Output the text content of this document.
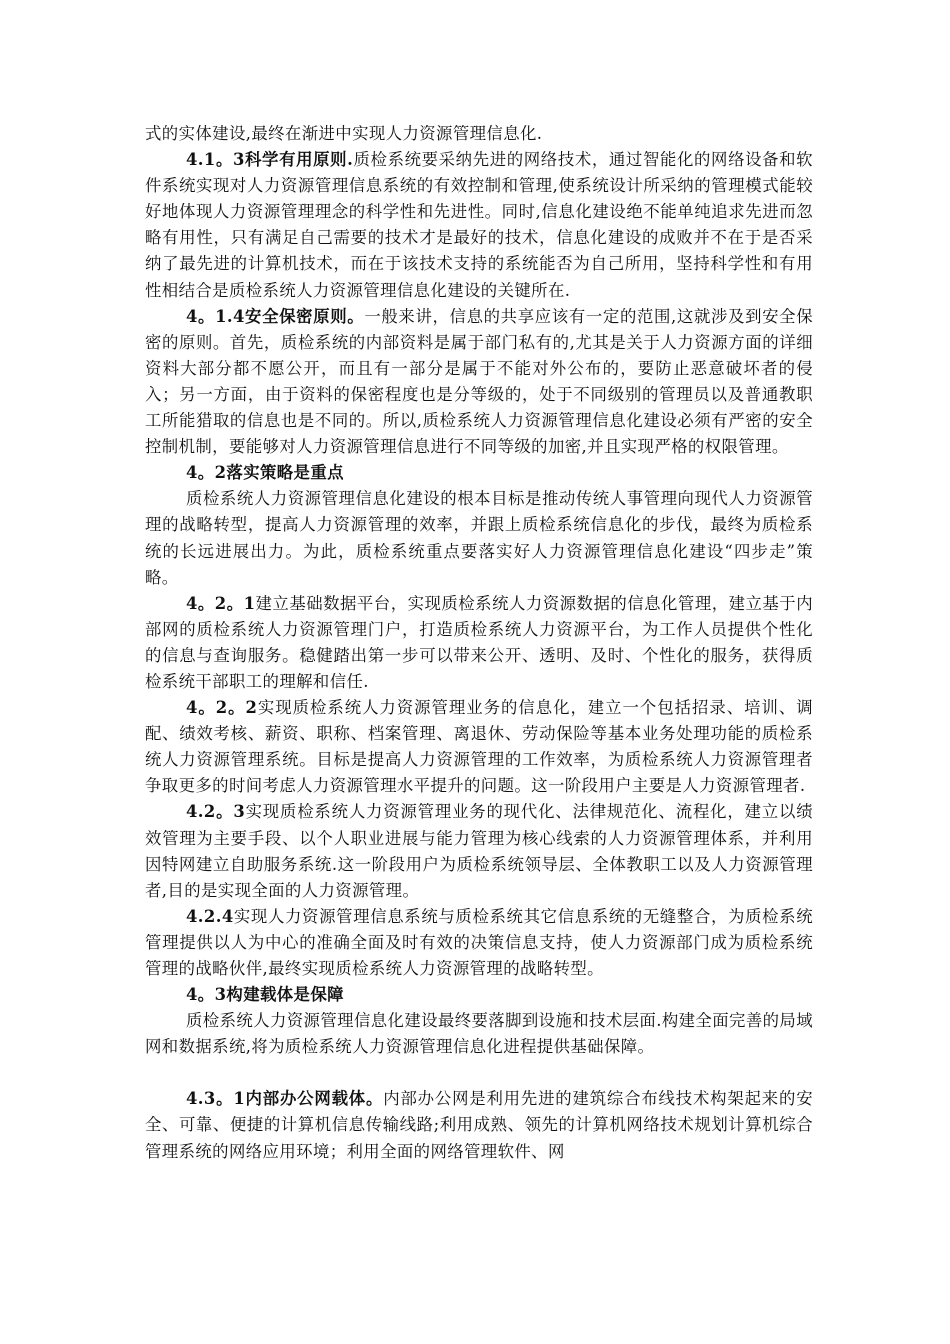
式的实体建设,最终在渐进中实现人力资源管理信息化.

4.1。3科学有用原则.质检系统要采纳先进的网络技术，通过智能化的网络设备和软件系统实现对人力资源管理信息系统的有效控制和管理,使系统设计所采纳的管理模式能较好地体现人力资源管理理念的科学性和先进性。同时,信息化建设绝不能单纯追求先进而忽略有用性，只有满足自己需要的技术才是最好的技术，信息化建设的成败并不在于是否采纳了最先进的计算机技术，而在于该技术支持的系统能否为自己所用，坚持科学性和有用性相结合是质检系统人力资源管理信息化建设的关键所在.

4。1.4安全保密原则。一般来讲，信息的共享应该有一定的范围,这就涉及到安全保密的原则。首先，质检系统的内部资料是属于部门私有的,尤其是关于人力资源方面的详细资料大部分都不愿公开，而且有一部分是属于不能对外公布的，要防止恶意破坏者的侵入；另一方面，由于资料的保密程度也是分等级的，处于不同级别的管理员以及普通教职工所能猎取的信息也是不同的。所以,质检系统人力资源管理信息化建设必须有严密的安全控制机制，要能够对人力资源管理信息进行不同等级的加密,并且实现严格的权限管理。

4。2落实策略是重点

质检系统人力资源管理信息化建设的根本目标是推动传统人事管理向现代人力资源管理的战略转型，提高人力资源管理的效率，并跟上质检系统信息化的步伐，最终为质检系统的长远进展出力。为此，质检系统重点要落实好人力资源管理信息化建设“四步走”策略。

4。2。1建立基础数据平台，实现质检系统人力资源数据的信息化管理，建立基于内部网的质检系统人力资源管理门户，打造质检系统人力资源平台，为工作人员提供个性化的信息与查询服务。稳健踏出第一步可以带来公开、透明、及时、个性化的服务，获得质检系统干部职工的理解和信任.

4。2。2实现质检系统人力资源管理业务的信息化，建立一个包括招录、培训、调配、绩效考核、薪资、职称、档案管理、离退休、劳动保险等基本业务处理功能的质检系统人力资源管理系统。目标是提高人力资源管理的工作效率，为质检系统人力资源管理者争取更多的时间考虑人力资源管理水平提升的问题。这一阶段用户主要是人力资源管理者.

4.2。3实现质检系统人力资源管理业务的现代化、法律规范化、流程化，建立以绩效管理为主要手段、以个人职业进展与能力管理为核心线索的人力资源管理体系，并利用因特网建立自助服务系统.这一阶段用户为质检系统领导层、全体教职工以及人力资源管理者,目的是实现全面的人力资源管理。

4.2.4实现人力资源管理信息系统与质检系统其它信息系统的无缝整合，为质检系统管理提供以人为中心的准确全面及时有效的决策信息支持，使人力资源部门成为质检系统管理的战略伙伴,最终实现质检系统人力资源管理的战略转型。

4。3构建载体是保障

质检系统人力资源管理信息化建设最终要落脚到设施和技术层面.构建全面完善的局域网和数据系统,将为质检系统人力资源管理信息化进程提供基础保障。

4.3。1内部办公网载体。内部办公网是利用先进的建筑综合布线技术构架起来的安全、可靠、便捷的计算机信息传输线路;利用成熟、领先的计算机网络技术规划计算机综合管理系统的网络应用环境；利用全面的网络管理软件、网
